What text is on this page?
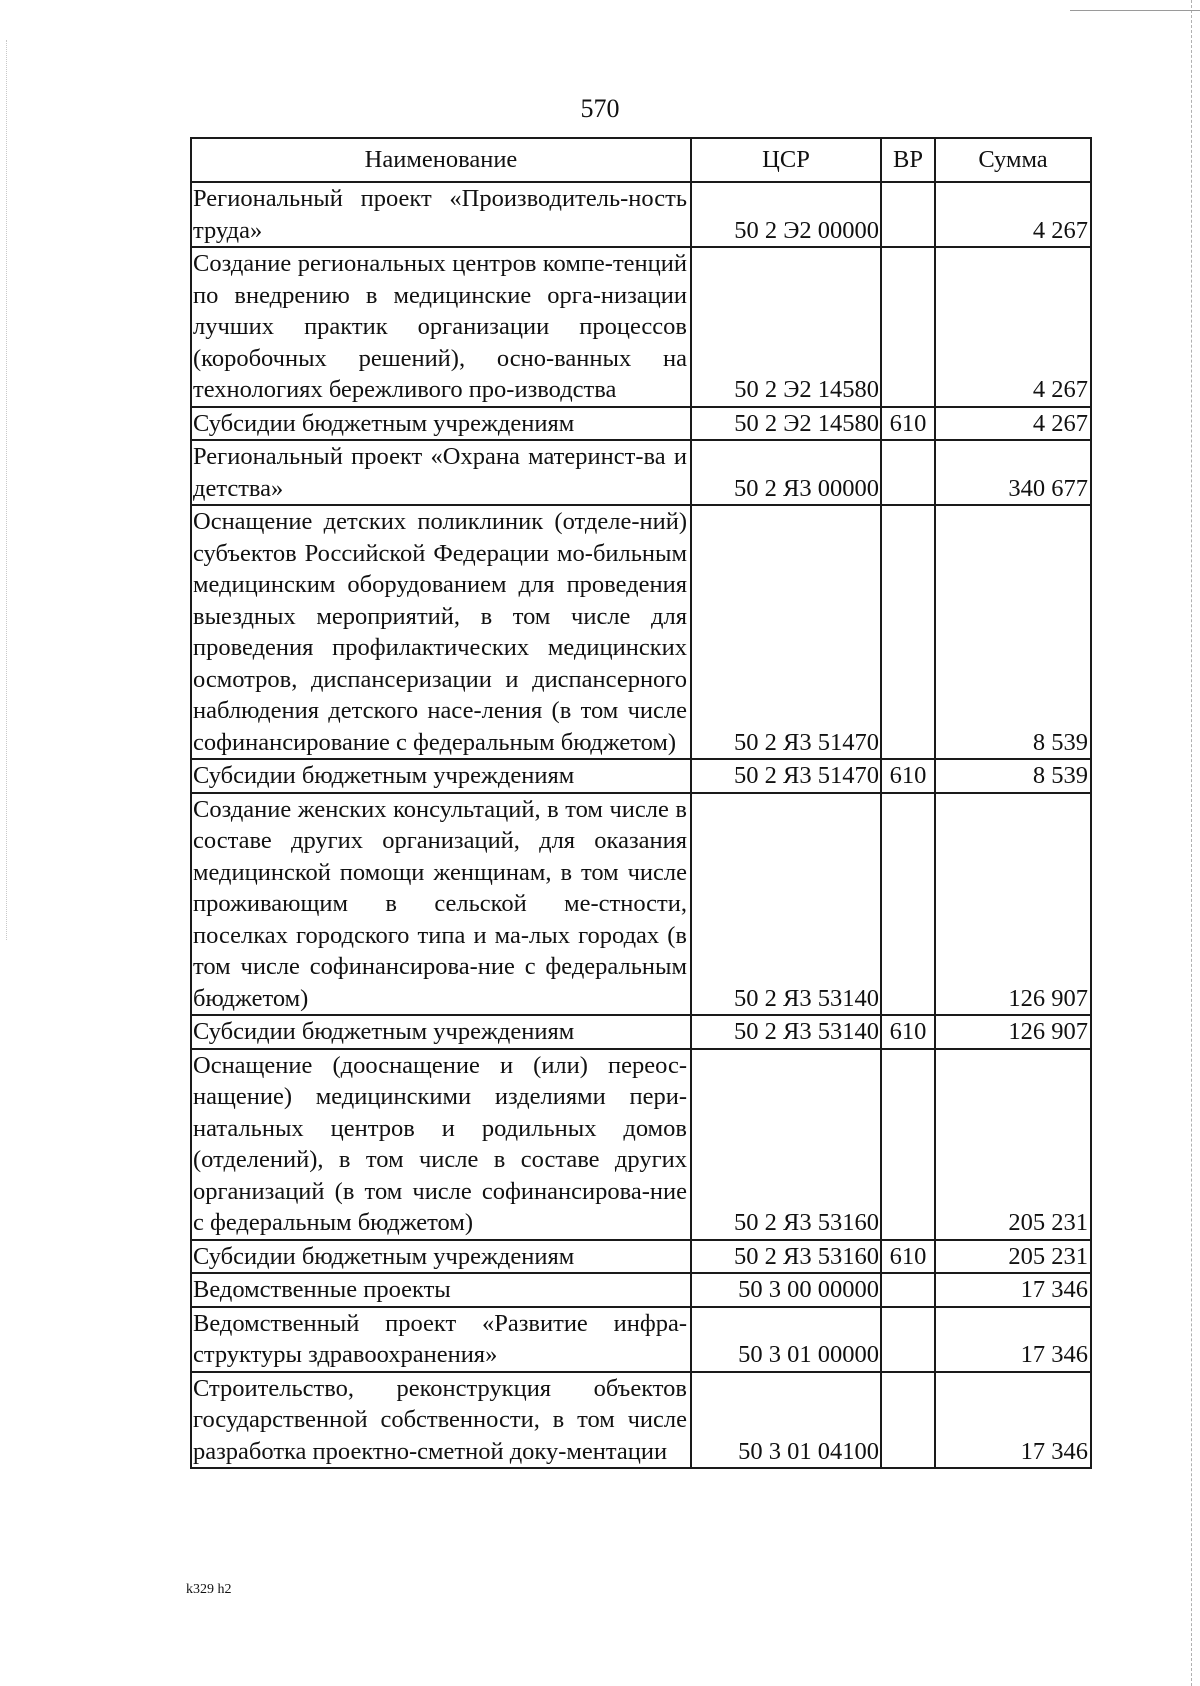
570
Наименование	ЦСР	ВР	Сумма
Региональный проект «Производитель-ность труда»	50 2 Э2 00000		4 267
Создание региональных центров компе-тенций по внедрению в медицинские орга-низации лучших практик организации процессов (коробочных решений), осно-ванных на технологиях бережливого про-изводства	50 2 Э2 14580		4 267
Субсидии бюджетным учреждениям	50 2 Э2 14580	610	4 267
Региональный проект «Охрана материнст-ва и детства»	50 2 Я3 00000		340 677
Оснащение детских поликлиник (отделе-ний) субъектов Российской Федерации мо-бильным медицинским оборудованием для проведения выездных мероприятий, в том числе для проведения профилактических медицинских осмотров, диспансеризации и диспансерного наблюдения детского насе-ления (в том числе софинансирование с федеральным бюджетом)	50 2 Я3 51470		8 539
Субсидии бюджетным учреждениям	50 2 Я3 51470	610	8 539
Создание женских консультаций, в том числе в составе других организаций, для оказания медицинской помощи женщинам, в том числе проживающим в сельской ме-стности, поселках городского типа и ма-лых городах (в том числе софинансирова-ние с федеральным бюджетом)	50 2 Я3 53140		126 907
Субсидии бюджетным учреждениям	50 2 Я3 53140	610	126 907
Оснащение (дооснащение и (или) переос-нащение) медицинскими изделиями пери-натальных центров и родильных домов (отделений), в том числе в составе других организаций (в том числе софинансирова-ние с федеральным бюджетом)	50 2 Я3 53160		205 231
Субсидии бюджетным учреждениям	50 2 Я3 53160	610	205 231
Ведомственные проекты	50 3 00 00000		17 346
Ведомственный проект «Развитие инфра-структуры здравоохранения»	50 3 01 00000		17 346
Строительство, реконструкция объектов государственной собственности, в том числе разработка проектно-сметной доку-ментации	50 3 01 04100		17 346
k329 h2
